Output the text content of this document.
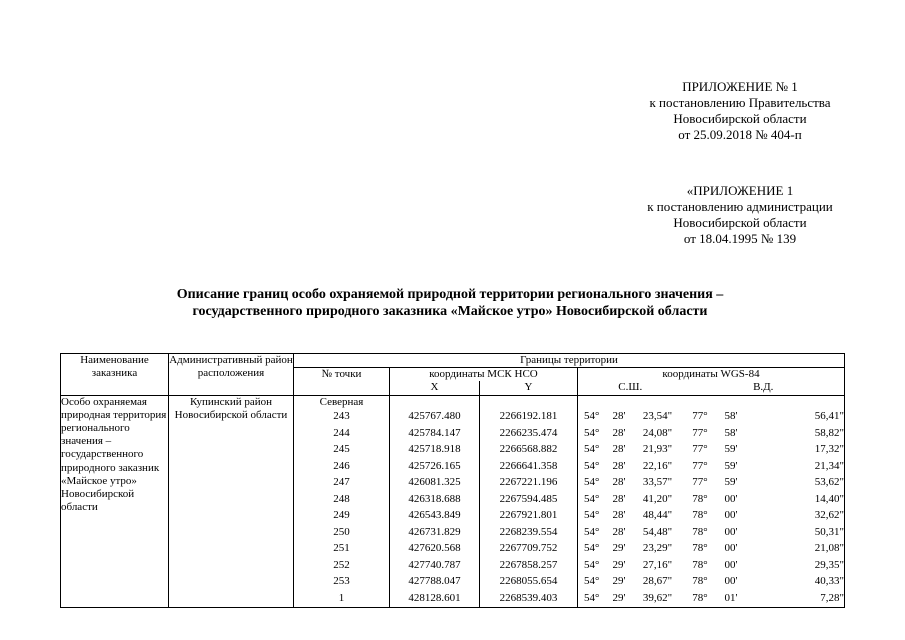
ПРИЛОЖЕНИЕ № 1
к постановлению Правительства
Новосибирской области
от 25.09.2018 № 404-п
«ПРИЛОЖЕНИЕ 1
к постановлению администрации
Новосибирской области
от 18.04.1995 № 139
Описание границ особо охраняемой природной территории регионального значения –
государственного природного заказника «Майское утро» Новосибирской области
Наименование заказника	Административный район расположения	Границы территории								
		№ точки	координаты МСК НСО		координаты WGS-84					
			X	Y	С.Ш.			В.Д.		
Особо охраняемая природная территория регионального значения – государственного природного заказник «Майское утро» Новосибирской области	Купинский район Новосибирской области	Северная								
		243	425767.480	2266192.181	54°	28'	23,54"	77°	58'	56,41"
		244	425784.147	2266235.474	54°	28'	24,08"	77°	58'	58,82"
		245	425718.918	2266568.882	54°	28'	21,93"	77°	59'	17,32"
		246	425726.165	2266641.358	54°	28'	22,16"	77°	59'	21,34"
		247	426081.325	2267221.196	54°	28'	33,57"	77°	59'	53,62"
		248	426318.688	2267594.485	54°	28'	41,20"	78°	00'	14,40"
		249	426543.849	2267921.801	54°	28'	48,44"	78°	00'	32,62"
		250	426731.829	2268239.554	54°	28'	54,48"	78°	00'	50,31"
		251	427620.568	2267709.752	54°	29'	23,29"	78°	00'	21,08"
		252	427740.787	2267858.257	54°	29'	27,16"	78°	00'	29,35"
		253	427788.047	2268055.654	54°	29'	28,67"	78°	00'	40,33"
		1	428128.601	2268539.403	54°	29'	39,62"	78°	01'	7,28"
